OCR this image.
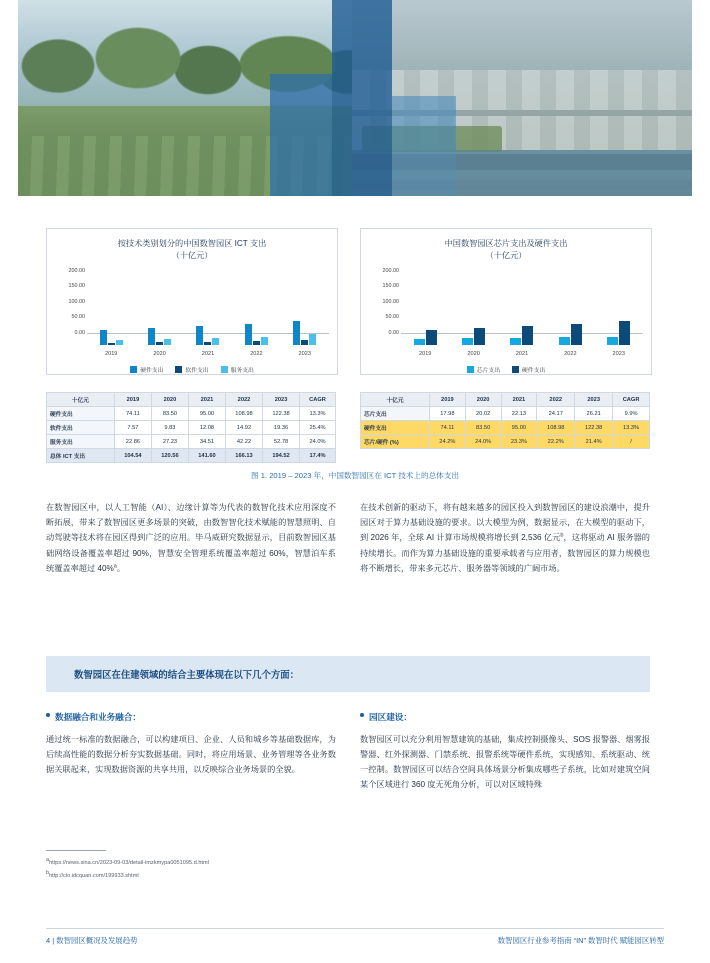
按技术类别划分的中国数智园区 ICT 支出
（十亿元）
200.00
150.00
100.00
50.00
0.00
2019	2020	2021	2022	2023
硬件支出	软件支出	服务支出
中国数智园区芯片支出及硬件支出
（十亿元）
200.00
150.00
100.00
50.00
0.00
2019	2020	2021	2022	2023
芯片支出	硬件支出
十亿元	2019	2020	2021	2022	2023	CAGR
硬件支出	74.11	83.50	95.00	108.98	122.38	13.3%
软件支出	7.57	9.83	12.08	14.92	19.36	25.4%
服务支出	22.86	27.23	34.51	42.22	52.78	24.0%
总体 ICT 支出	104.54	120.56	141.60	166.13	194.52	17.4%
十亿元	2019	2020	2021	2022	2023	CAGR
芯片支出	17.98	20.02	22.13	24.17	26.21	9.9%
硬件支出	74.11	83.50	95.00	108.98	122.38	13.3%
芯片/硬件 (%)	24.2%	24.0%	23.3%	22.2%	21.4%	/
图 1. 2019 – 2023 年，中国数智园区在 ICT 技术上的总体支出
在数智园区中，以人工智能（AI）、边缘计算等为代表的数智化技术应用深度不断拓展，带来了数智园区更多场景的突破，由数智智化技术赋能的智慧照明、自动驾驶等技术将在园区得到广泛的应用。毕马威研究数据显示，目前数智园区基础网络设备覆盖率超过 90%，智慧安全管理系统覆盖率超过 60%，智慧泊车系统覆盖率超过 40%$^a$。
在技术创新的驱动下，将有越来越多的园区投入到数智园区的建设浪潮中，提升园区对于算力基础设施的要求。以大模型为例，数据显示，在大模型的驱动下，到 2026 年，全球 AI 计算市场规模将增长到 2,536 亿元$^b$，这将驱动 AI 服务器的持续增长。而作为算力基础设施的重要承载者与应用者，数智园区的算力规模也将不断增长，带来多元芯片、服务器等领域的广阔市场。
数智园区在住建领域的结合主要体现在以下几个方面：
数据融合和业务融合：
通过统一标准的数据融合，可以构建项目、企业、人员和城乡等基础数据库，为后续高性能的数据分析夯实数据基础。同时，将应用场景、业务管理等各业务数据关联起来，实现数据资源的共享共用，以反映综合业务场景的全貌。
园区建设：
数智园区可以充分利用智慧建筑的基础，集成控制摄像头、SOS 报警器、烟雾报警器、红外探测器、门禁系统、报警系统等硬件系统，实现感知、系统驱动、统一控制。数智园区可以结合空间具体场景分析集成哪些子系统，比如对建筑空间某个区域进行 360 度无死角分析，可以对区域特殊
ahttps://news.sina.cn/2023-09-03/detail-imzkmypa0051095.d.html
bhttp://cio.idcquan.com/199933.shtml
4 | 数智园区概况及发展趋势	数智园区行业参考指南 “IN” 数智时代 赋能园区转型
